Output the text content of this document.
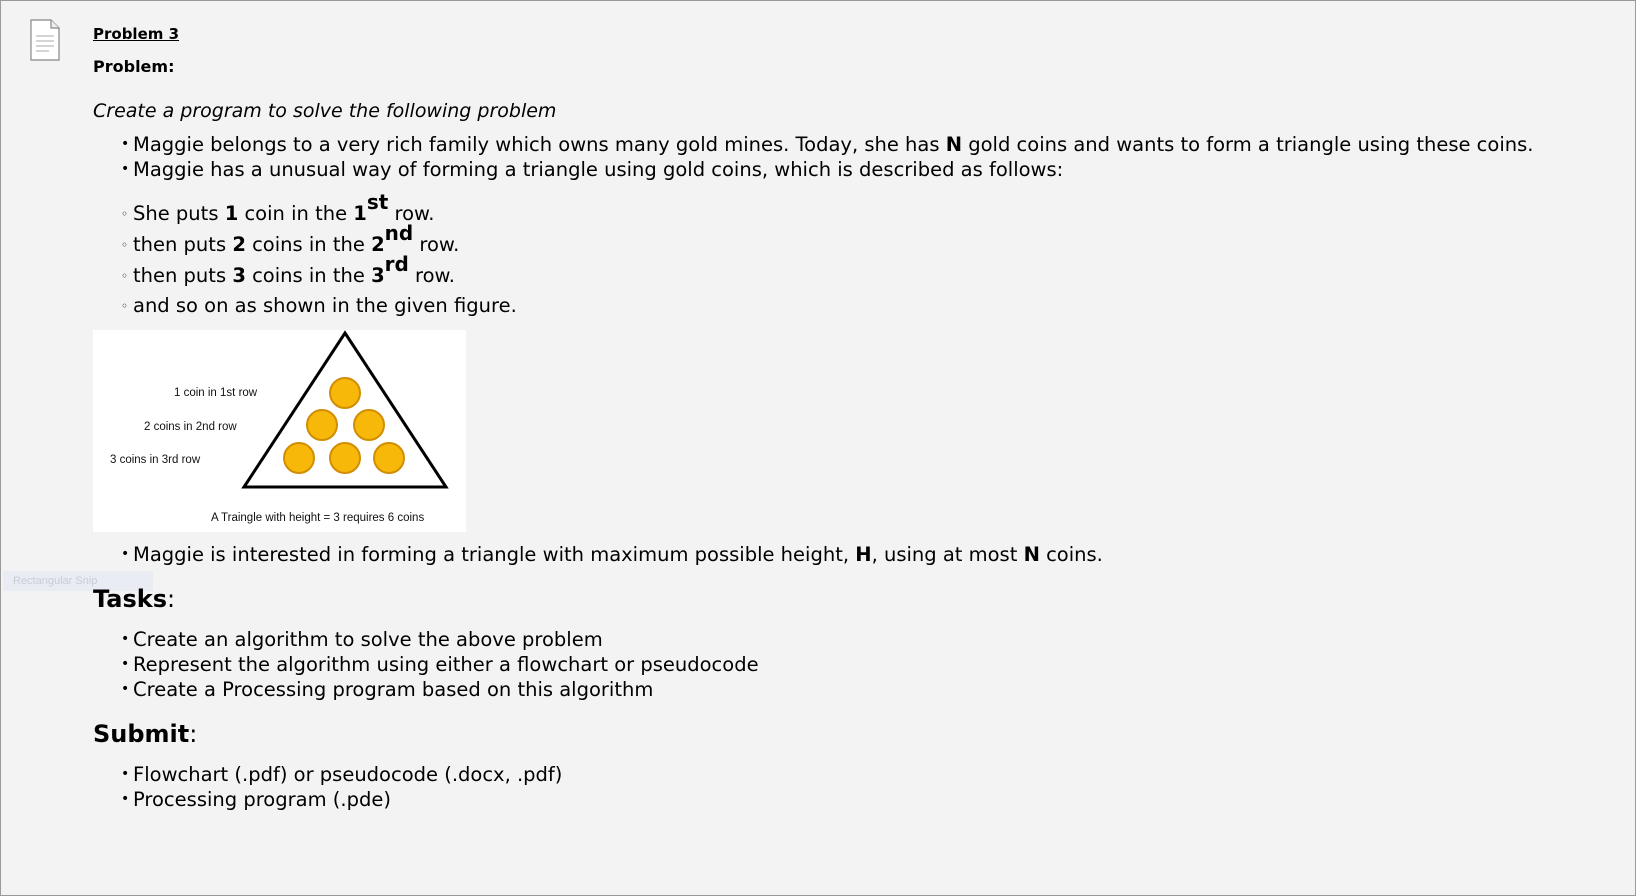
Rectangular Snip
Problem 3
Problem:
Create a program to solve the following problem
• Maggie belongs to a very rich family which owns many gold mines. Today, she has N gold coins and wants to form a triangle using these coins.
• Maggie has a unusual way of forming a triangle using gold coins, which is described as follows:
◦ She puts 1 coin in the 1st row.
◦ then puts 2 coins in the 2nd row.
◦ then puts 3 coins in the 3rd row.
◦ and so on as shown in the given figure.
1 coin in 1st row
2 coins in 2nd row
3 coins in 3rd row
A Traingle with height = 3 requires 6 coins
• Maggie is interested in forming a triangle with maximum possible height, H, using at most N coins.
Tasks:
• Create an algorithm to solve the above problem
• Represent the algorithm using either a flowchart or pseudocode
• Create a Processing program based on this algorithm
Submit:
• Flowchart (.pdf) or pseudocode (.docx, .pdf)
• Processing program (.pde)
